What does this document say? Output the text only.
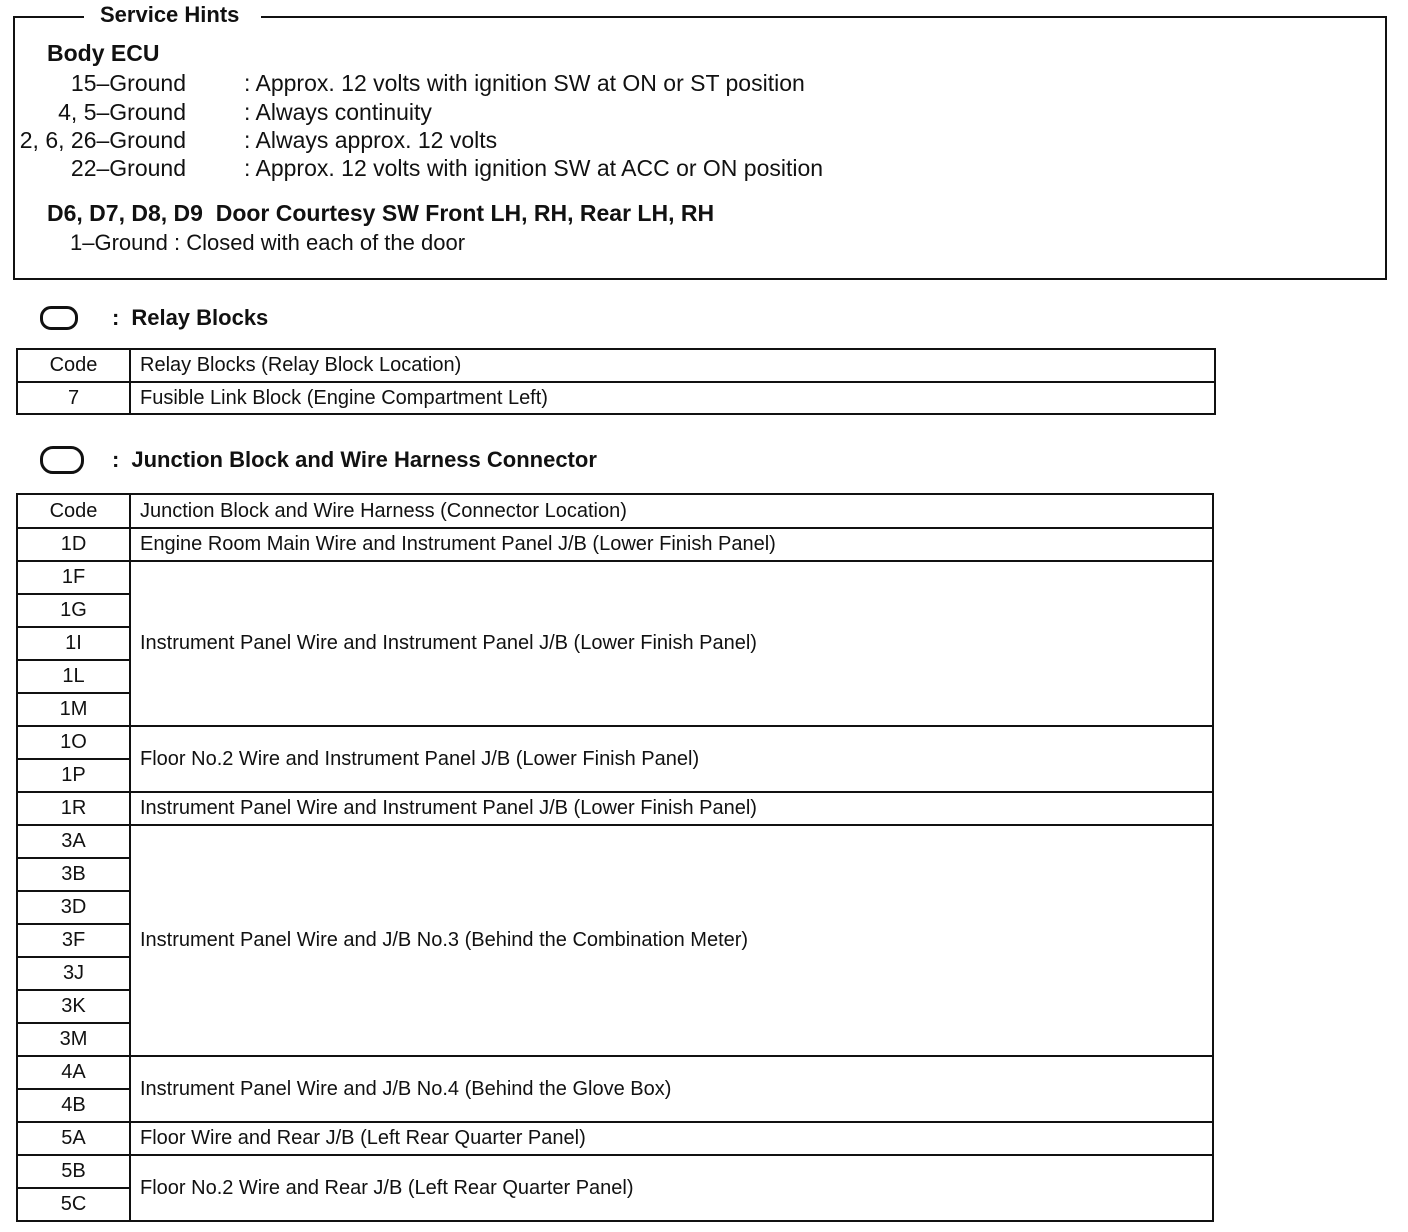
Body ECU

15–Ground

	: Approx. 12 volts with ignition SW at ON or ST position

4, 5–Ground

	: Always continuity

2, 6, 26–Ground

	: Always approx. 12 volts

22–Ground

	: Approx. 12 volts with ignition SW at ACC or ON position

D6, D7, D8, D9  Door Courtesy SW Front LH, RH, Rear LH, RH
1–Ground : Closed with each of the door
Service Hints
: Relay Blocks
Code	Relay Blocks (Relay Block Location)
7	Fusible Link Block (Engine Compartment Left)
: Junction Block and Wire Harness Connector
Code	Junction Block and Wire Harness (Connector Location)
1D	Engine Room Main Wire and Instrument Panel J/B (Lower Finish Panel)
1F	Instrument Panel Wire and Instrument Panel J/B (Lower Finish Panel)
1G	
1I	
1L	
1M	
1O	Floor No.2 Wire and Instrument Panel J/B (Lower Finish Panel)
1P	
1R	Instrument Panel Wire and Instrument Panel J/B (Lower Finish Panel)
3A	Instrument Panel Wire and J/B No.3 (Behind the Combination Meter)
3B	
3D	
3F	
3J	
3K	
3M	
4A	Instrument Panel Wire and J/B No.4 (Behind the Glove Box)
4B	
5A	Floor Wire and Rear J/B (Left Rear Quarter Panel)
5B	Floor No.2 Wire and Rear J/B (Left Rear Quarter Panel)
5C	
